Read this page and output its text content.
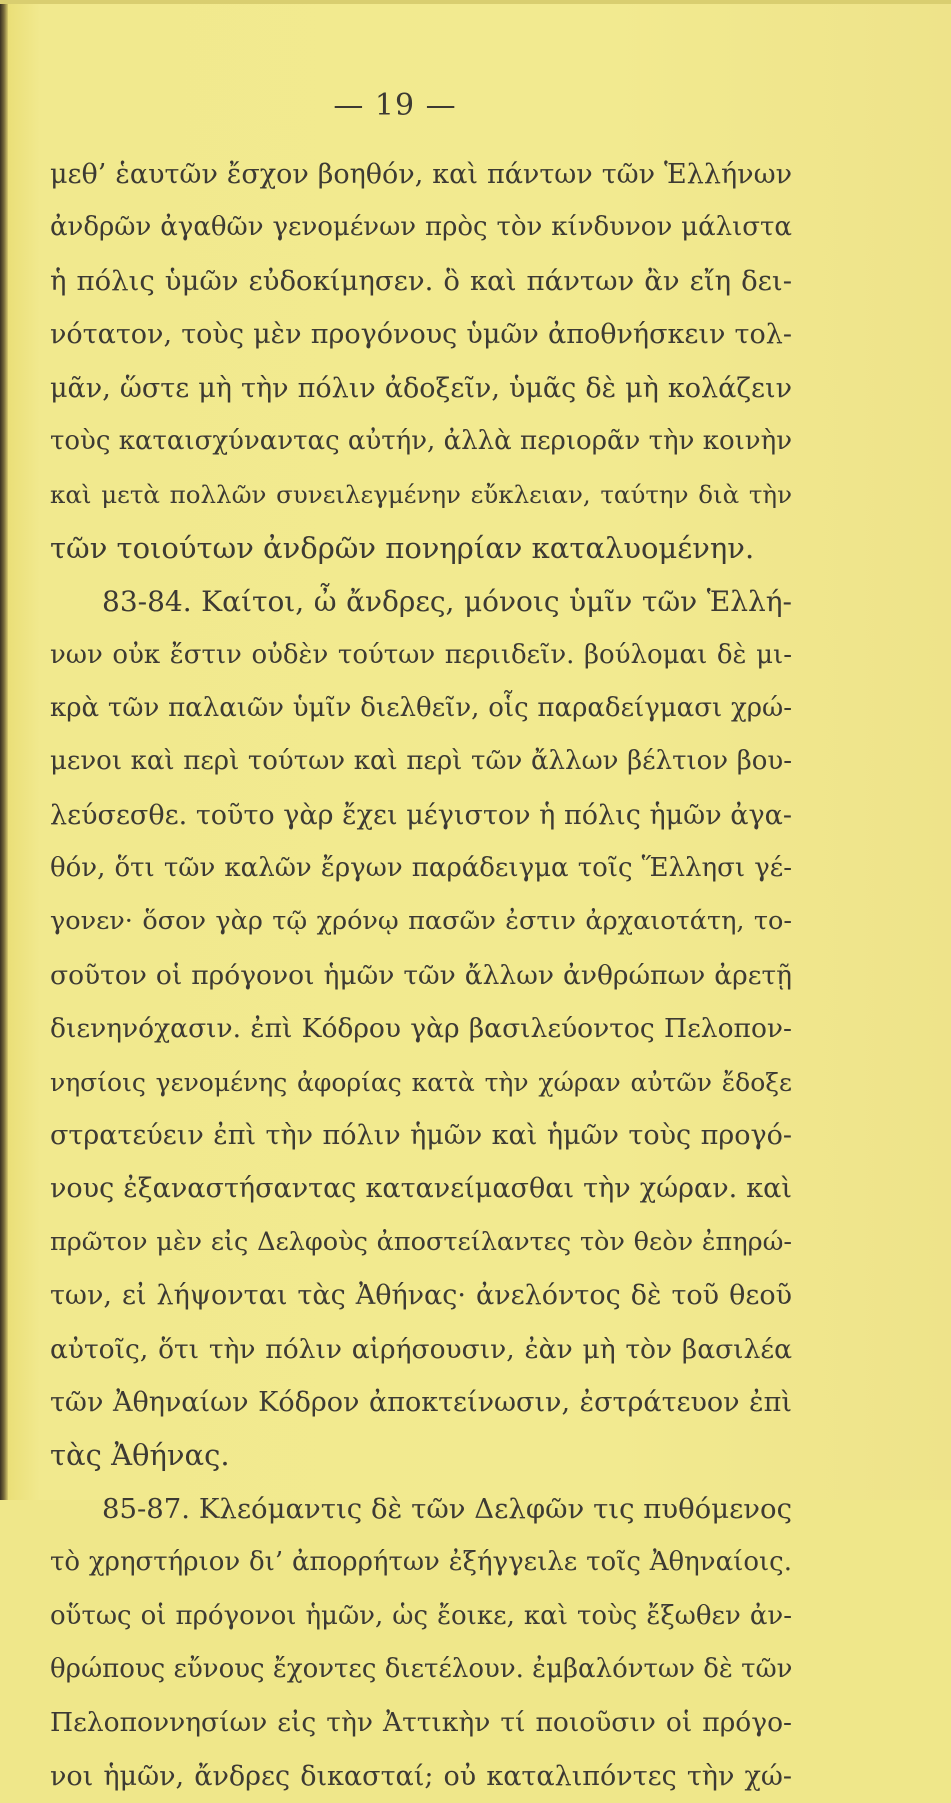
— 19 —
μεθ’ ἑαυτῶν ἔσχον βοηθόν, καὶ πάντων τῶν Ἑλλήνων
ἀνδρῶν ἀγαθῶν γενομένων πρὸς τὸν κίνδυνον μάλιστα
ἡ πόλις ὑμῶν εὐδοκίμησεν. ὃ καὶ πάντων ἂν εἴη δει-
νότατον, τοὺς μὲν προγόνους ὑμῶν ἀποθνήσκειν τολ-
μᾶν, ὥστε μὴ τὴν πόλιν ἀδοξεῖν, ὑμᾶς δὲ μὴ κολάζειν
τοὺς καταισχύναντας αὐτήν, ἀλλὰ περιορᾶν τὴν κοινὴν
καὶ μετὰ πολλῶν συνειλεγμένην εὔκλειαν, ταύτην διὰ τὴν
τῶν τοιούτων ἀνδρῶν πονηρίαν καταλυομένην.
83-84. Καίτοι, ὦ ἄνδρες, μόνοις ὑμῖν τῶν Ἑλλή-
νων οὐκ ἔστιν οὐδὲν τούτων περιιδεῖν. βούλομαι δὲ μι-
κρὰ τῶν παλαιῶν ὑμῖν διελθεῖν, οἷς παραδείγμασι χρώ-
μενοι καὶ περὶ τούτων καὶ περὶ τῶν ἄλλων βέλτιον βου-
λεύσεσθε. τοῦτο γὰρ ἔχει μέγιστον ἡ πόλις ἡμῶν ἀγα-
θόν, ὅτι τῶν καλῶν ἔργων παράδειγμα τοῖς Ἕλλησι γέ-
γονεν· ὅσον γὰρ τῷ χρόνῳ πασῶν ἐστιν ἀρχαιοτάτη, το-
σοῦτον οἱ πρόγονοι ἡμῶν τῶν ἄλλων ἀνθρώπων ἀρετῇ
διενηνόχασιν. ἐπὶ Κόδρου γὰρ βασιλεύοντος Πελοπον-
νησίοις γενομένης ἀφορίας κατὰ τὴν χώραν αὐτῶν ἔδοξε
στρατεύειν ἐπὶ τὴν πόλιν ἡμῶν καὶ ἡμῶν τοὺς προγό-
νους ἐξαναστήσαντας κατανείμασθαι τὴν χώραν. καὶ
πρῶτον μὲν εἰς Δελφοὺς ἀποστείλαντες τὸν θεὸν ἐπηρώ-
των, εἰ λήψονται τὰς Ἀθήνας· ἀνελόντος δὲ τοῦ θεοῦ
αὐτοῖς, ὅτι τὴν πόλιν αἱρήσουσιν, ἐὰν μὴ τὸν βασιλέα
τῶν Ἀθηναίων Κόδρον ἀποκτείνωσιν, ἐστράτευον ἐπὶ
τὰς Ἀθήνας.
85-87. Κλεόμαντις δὲ τῶν Δελφῶν τις πυθόμενος
τὸ χρηστήριον δι’ ἀπορρήτων ἐξήγγειλε τοῖς Ἀθηναίοις.
οὕτως οἱ πρόγονοι ἡμῶν, ὡς ἔοικε, καὶ τοὺς ἔξωθεν ἀν-
θρώπους εὔνους ἔχοντες διετέλουν. ἐμβαλόντων δὲ τῶν
Πελοποννησίων εἰς τὴν Ἀττικὴν τί ποιοῦσιν οἱ πρόγο-
νοι ἡμῶν, ἄνδρες δικασταί; οὐ καταλιπόντες τὴν χώ-
